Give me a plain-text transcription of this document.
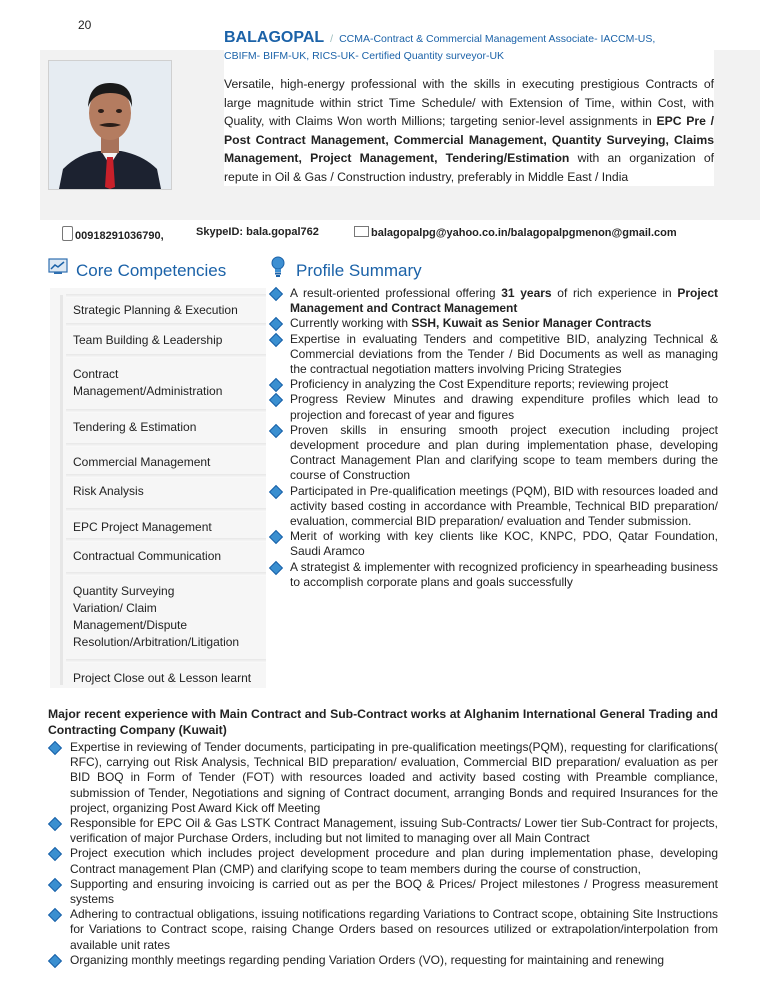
20
BALAGOPAL / CCMA-Contract & Commercial Management Associate- IACCM-US,
CBIFM- BIFM-UK, RICS-UK- Certified Quantity surveyor-UK
Versatile, high-energy professional with the skills in executing prestigious Contracts of large magnitude within strict Time Schedule/ with Extension of Time, within Cost, with Quality, with Claims Won worth Millions; targeting senior-level assignments in EPC Pre / Post Contract Management, Commercial Management, Quantity Surveying, Claims Management, Project Management, Tendering/Estimation with an organization of repute in Oil & Gas / Construction industry, preferably in Middle East / India
00918291036790,	SkypeID: bala.gopal762	balagopalpg@yahoo.co.in/balagopalpgmenon@gmail.com
Core Competencies	Profile Summary
Strategic Planning & Execution
Team Building & Leadership
Contract Management/Administration
Tendering & Estimation
Commercial Management
Risk Analysis
EPC Project Management
Contractual Communication
Quantity Surveying
Variation/ Claim Management/Dispute Resolution/Arbitration/Litigation
Project Close out & Lesson learnt
A result-oriented professional offering 31 years of rich experience in Project Management and Contract Management
Currently working with SSH, Kuwait as Senior Manager Contracts
Expertise in evaluating Tenders and competitive BID, analyzing Technical & Commercial deviations from the Tender / Bid Documents as well as managing the contractual negotiation matters involving Pricing Strategies
Proficiency in analyzing the Cost Expenditure reports; reviewing project
Progress Review Minutes and drawing expenditure profiles which lead to projection and forecast of year and figures
Proven skills in ensuring smooth project execution including project development procedure and plan during implementation phase, developing Contract Management Plan and clarifying scope to team members during the course of Construction
Participated in Pre-qualification meetings (PQM), BID with resources loaded and activity based costing in accordance with Preamble, Technical BID preparation/ evaluation, commercial BID preparation/ evaluation and Tender submission.
Merit of working with key clients like KOC, KNPC, PDO, Qatar Foundation, Saudi Aramco
A strategist & implementer with recognized proficiency in spearheading business to accomplish corporate plans and goals successfully
Major recent experience with Main Contract and Sub-Contract works at Alghanim International General Trading and Contracting Company (Kuwait)
Expertise in reviewing of Tender documents, participating in pre-qualification meetings(PQM), requesting for clarifications( RFC), carrying out Risk Analysis, Technical BID preparation/ evaluation, Commercial BID preparation/ evaluation as per BID BOQ in Form of Tender (FOT) with resources loaded and activity based costing with Preamble compliance, submission of Tender, Negotiations and signing of Contract document, arranging Bonds and required Insurances for the project, organizing Post Award Kick off Meeting
Responsible for EPC Oil & Gas LSTK Contract Management, issuing Sub-Contracts/ Lower tier Sub-Contract for projects, verification of major Purchase Orders, including but not limited to managing over all Main Contract
Project execution which includes project development procedure and plan during implementation phase, developing Contract management Plan (CMP) and clarifying scope to team members during the course of construction,
Supporting and ensuring invoicing is carried out as per the BOQ & Prices/ Project milestones / Progress measurement systems
Adhering to contractual obligations, issuing notifications regarding Variations to Contract scope, obtaining Site Instructions for Variations to Contract scope, raising Change Orders based on resources utilized or extrapolation/interpolation from available unit rates
Organizing monthly meetings regarding pending Variation Orders (VO), requesting for maintaining and renewing
